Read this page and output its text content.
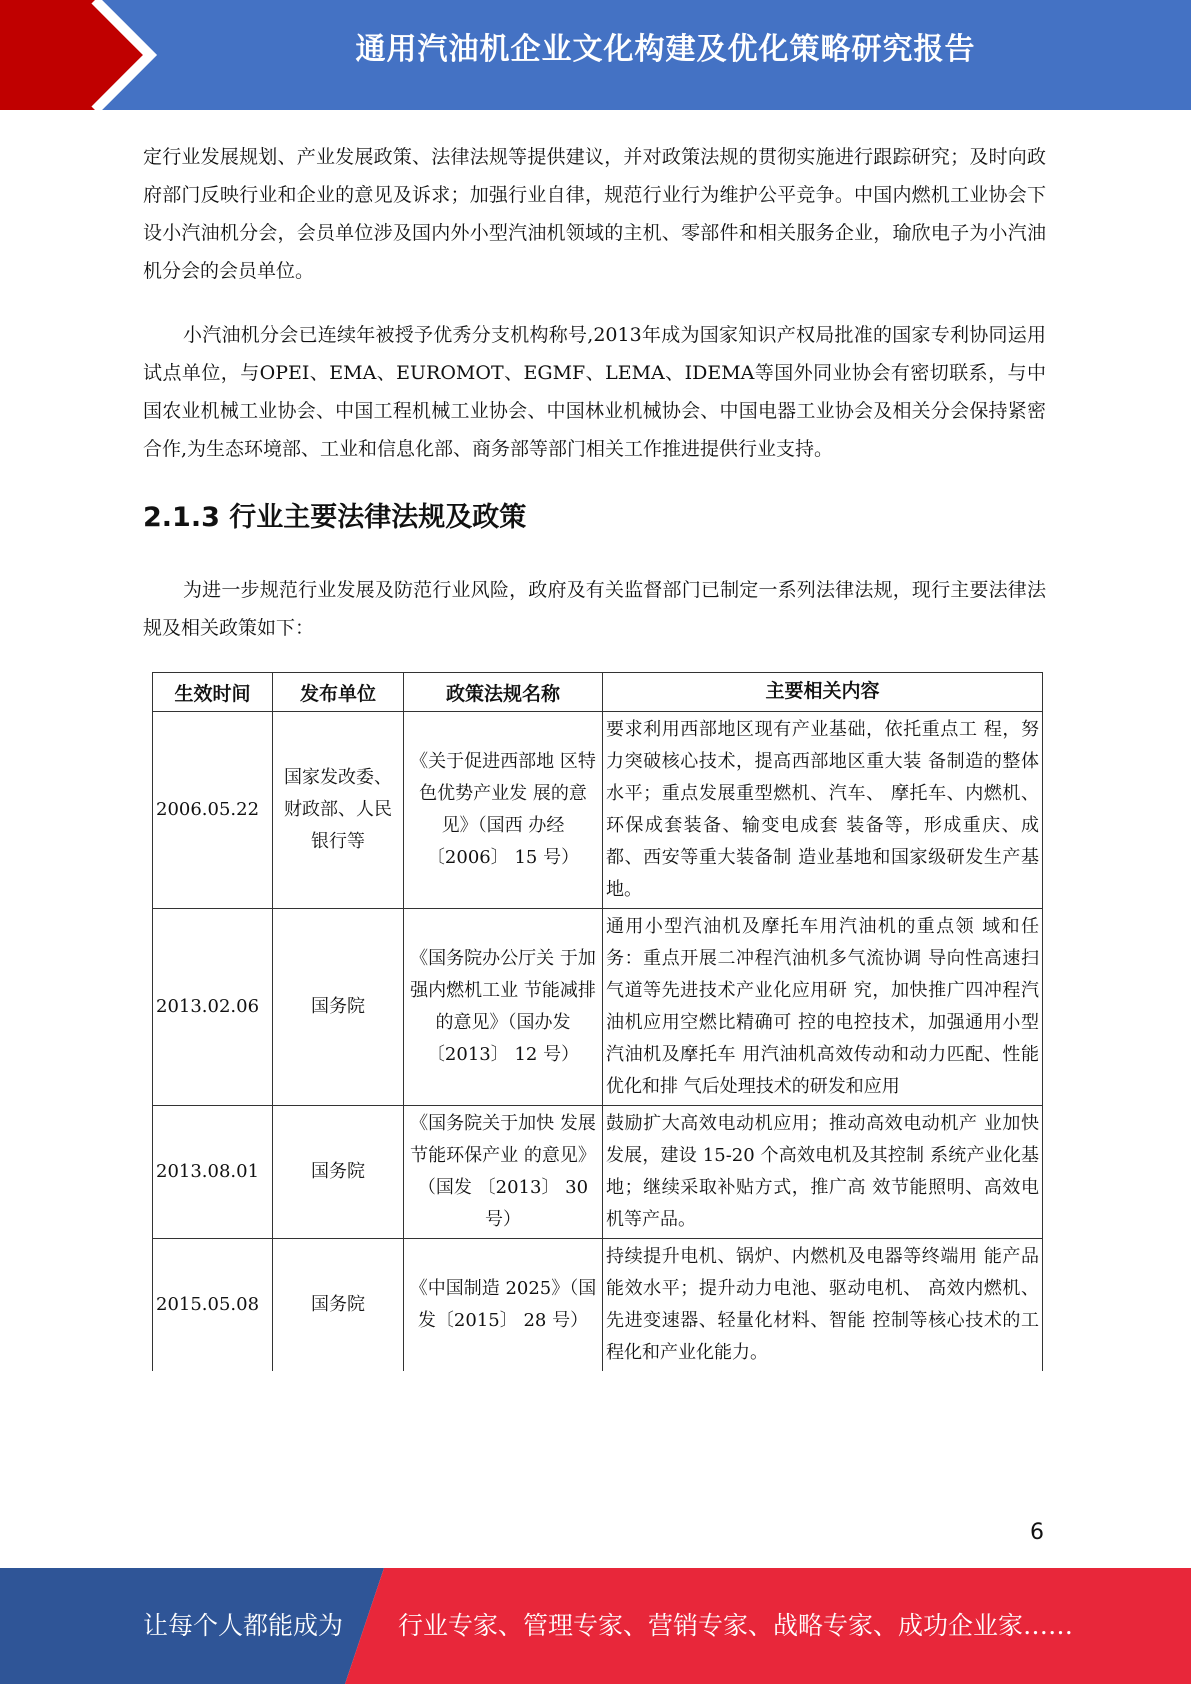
通用汽油机企业文化构建及优化策略研究报告

定行业发展规划、产业发展政策、法律法规等提供建议，并对政策法规的贯彻实施进行跟踪研究；及时向政府部门反映行业和企业的意见及诉求；加强行业自律，规范行业行为维护公平竞争。中国内燃机工业协会下设小汽油机分会，会员单位涉及国内外小型汽油机领域的主机、零部件和相关服务企业，瑜欣电子为小汽油机分会的会员单位。

小汽油机分会已连续年被授予优秀分支机构称号,2013年成为国家知识产权局批准的国家专利协同运用试点单位，与OPEI、EMA、EUROMOT、EGMF、LEMA、IDEMA等国外同业协会有密切联系，与中国农业机械工业协会、中国工程机械工业协会、中国林业机械协会、中国电器工业协会及相关分会保持紧密合作,为生态环境部、工业和信息化部、商务部等部门相关工作推进提供行业支持。

2.1.3 行业主要法律法规及政策

为进一步规范行业发展及防范行业风险，政府及有关监督部门已制定一系列法律法规，现行主要法律法规及相关政策如下：

生效时间	发布单位	政策法规名称	主要相关内容
2006.05.22	国家发改委、财政部、人民银行等	《关于促进西部地 区特色优势产业发 展的意见》（国西 办经〔2006〕 15 号）	要求利用西部地区现有产业基础，依托重点工 程，努力突破核心技术，提高西部地区重大装 备制造的整体水平；重点发展重型燃机、汽车、 摩托车、内燃机、环保成套装备、输变电成套 装备等，形成重庆、成都、西安等重大装备制 造业基地和国家级研发生产基地。
2013.02.06	国务院	《国务院办公厅关 于加强内燃机工业 节能减排的意见》（国办发〔2013〕 12 号）	通用小型汽油机及摩托车用汽油机的重点领 域和任务：重点开展二冲程汽油机多气流协调 导向性高速扫气道等先进技术产业化应用研 究，加快推广四冲程汽油机应用空燃比精确可 控的电控技术，加强通用小型汽油机及摩托车 用汽油机高效传动和动力匹配、性能优化和排 气后处理技术的研发和应用
2013.08.01	国务院	《国务院关于加快 发展节能环保产业 的意见》（国发 〔2013〕 30 号）	鼓励扩大高效电动机应用；推动高效电动机产 业加快发展，建设 15-20 个高效电机及其控制 系统产业化基地；继续采取补贴方式，推广高 效节能照明、高效电机等产品。
2015.05.08	国务院	《中国制造 2025》（国发〔2015〕 28 号）	持续提升电机、锅炉、内燃机及电器等终端用 能产品能效水平；提升动力电池、驱动电机、 高效内燃机、先进变速器、轻量化材料、智能 控制等核心技术的工程化和产业化能力。
6
让每个人都能成为 行业专家、管理专家、营销专家、战略专家、成功企业家……
